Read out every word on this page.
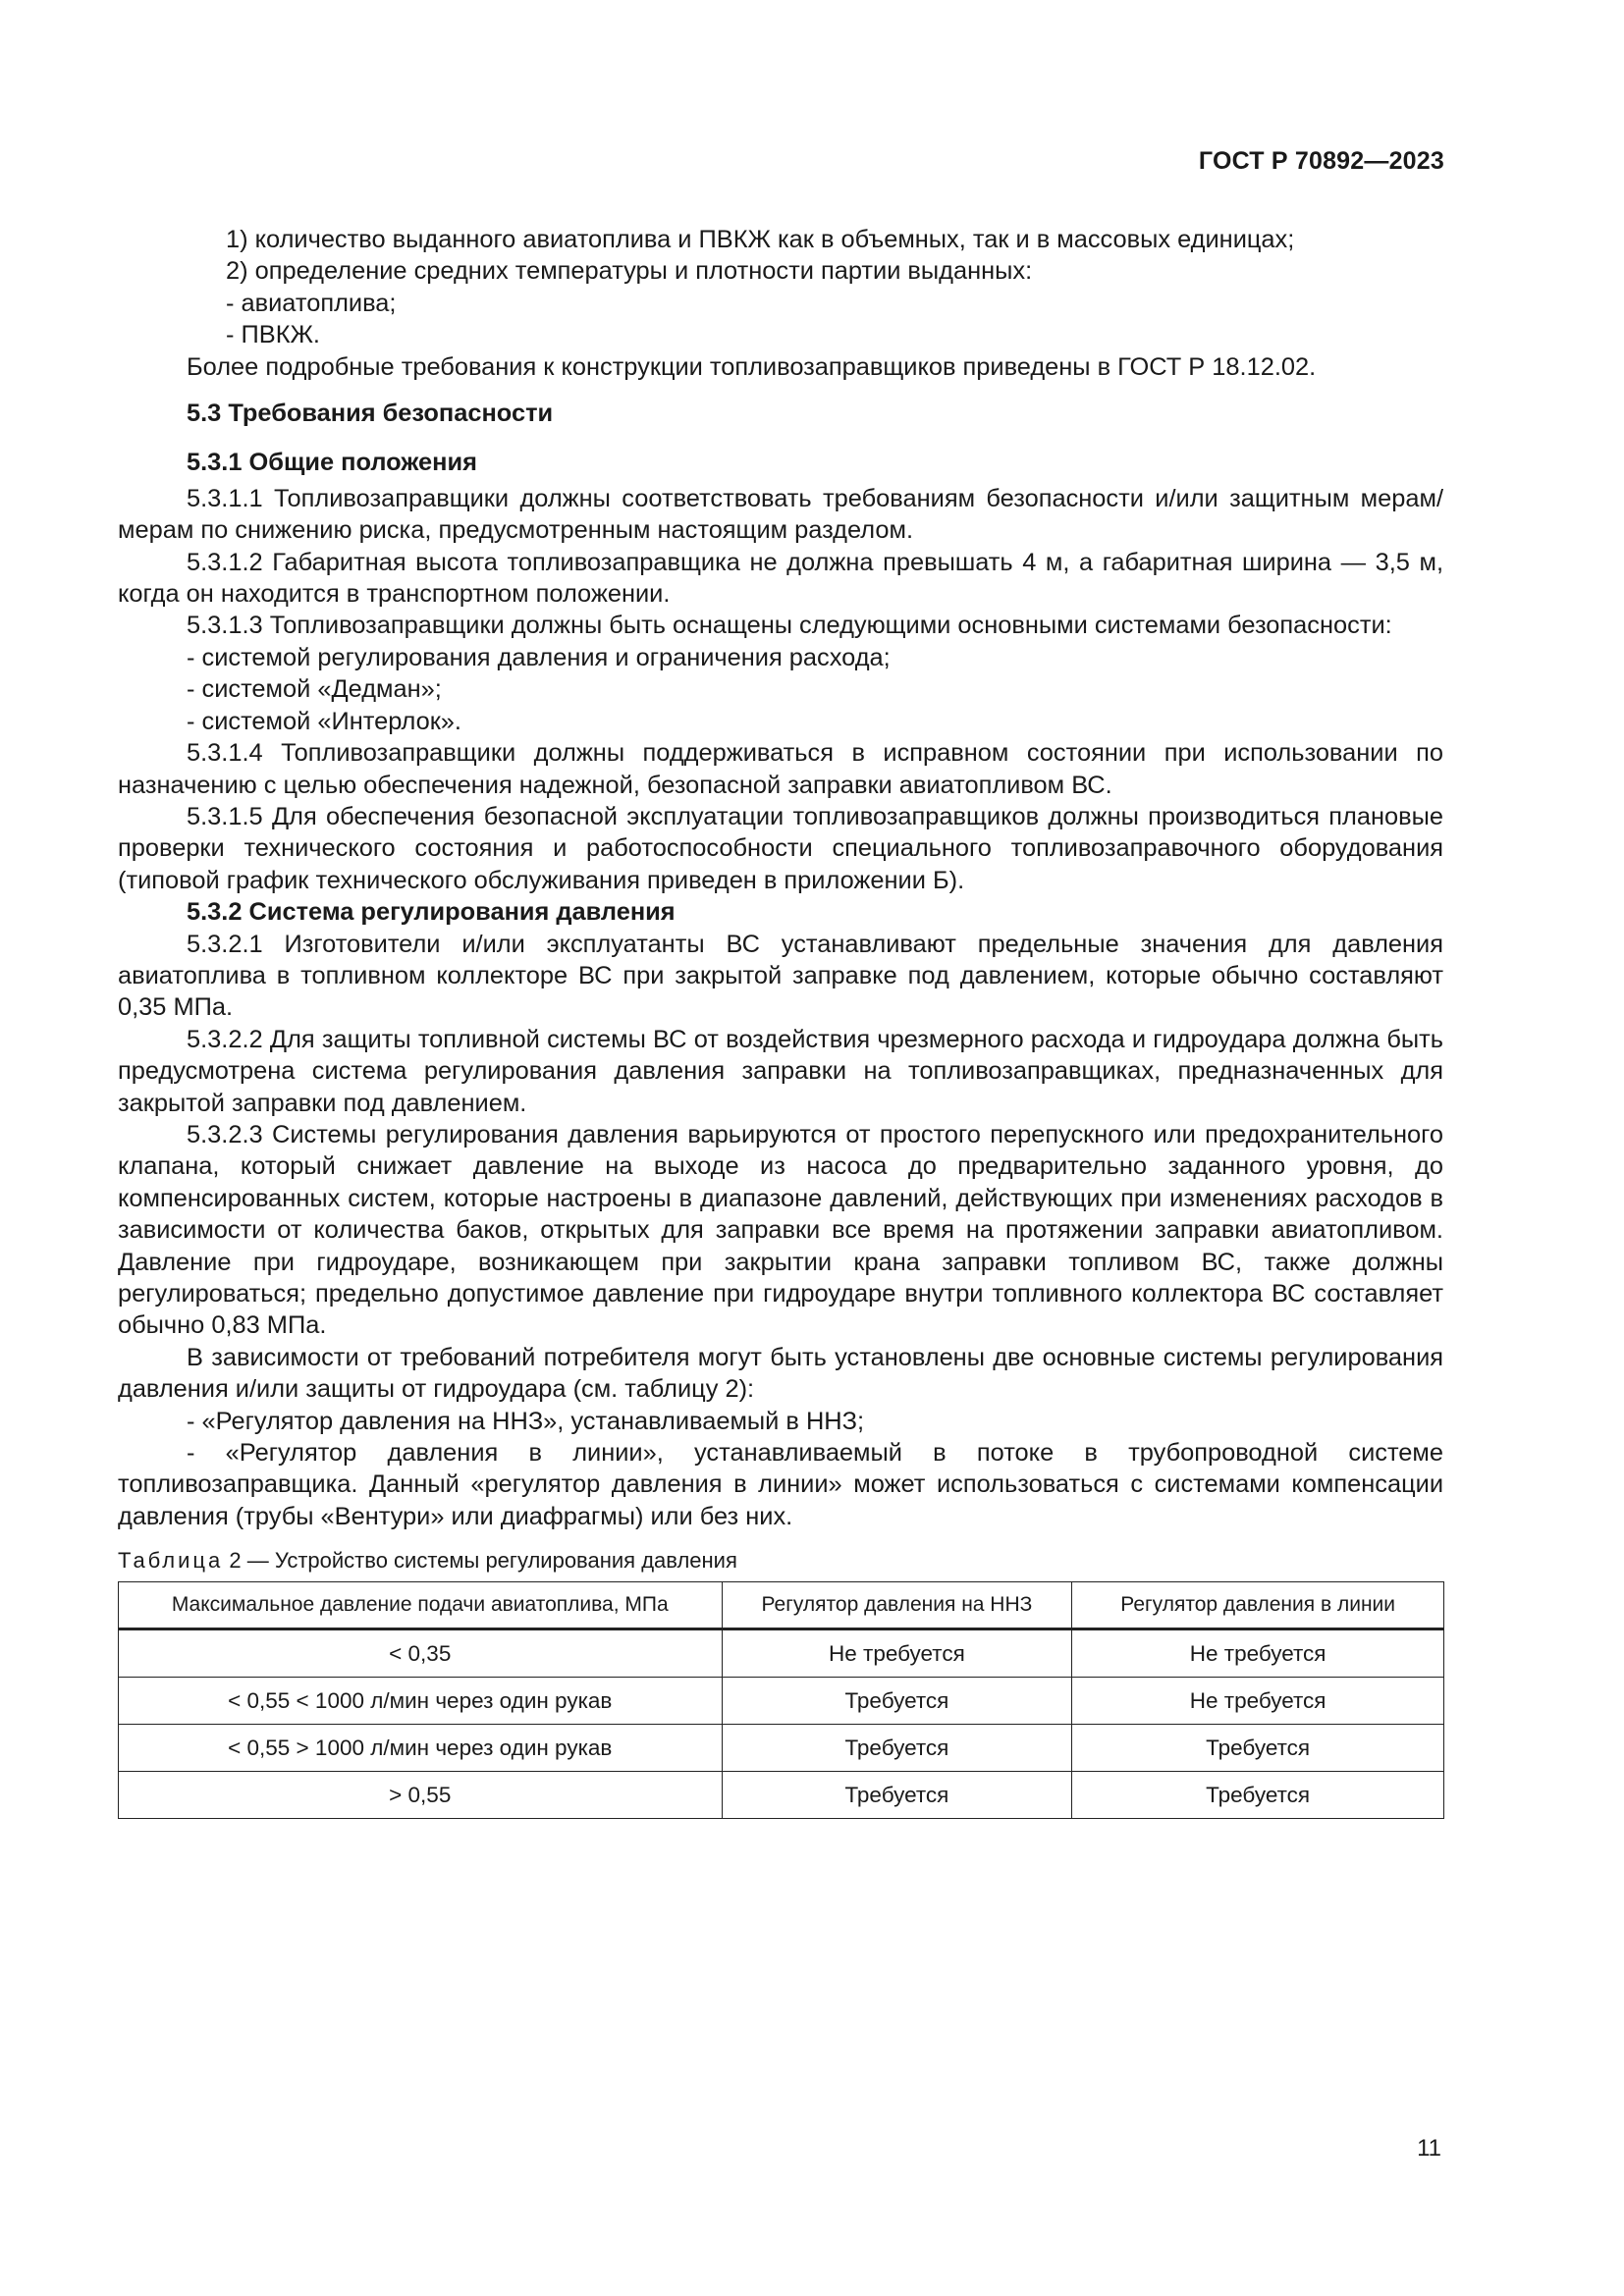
ГОСТ Р 70892—2023

1) количество выданного авиатоплива и ПВКЖ как в объемных, так и в массовых единицах;

2) определение средних температуры и плотности партии выданных:

- авиатоплива;

- ПВКЖ.

Более подробные требования к конструкции топливозаправщиков приведены в ГОСТ Р 18.12.02.

5.3 Требования безопасности

5.3.1 Общие положения

5.3.1.1 Топливозаправщики должны соответствовать требованиям безопасности и/или защитным мерам/мерам по снижению риска, предусмотренным настоящим разделом.

5.3.1.2 Габаритная высота топливозаправщика не должна превышать 4 м, а габаритная ширина — 3,5 м, когда он находится в транспортном положении.

5.3.1.3 Топливозаправщики должны быть оснащены следующими основными системами безопасности:

- системой регулирования давления и ограничения расхода;

- системой «Дедман»;

- системой «Интерлок».

5.3.1.4 Топливозаправщики должны поддерживаться в исправном состоянии при использовании по назначению с целью обеспечения надежной, безопасной заправки авиатопливом ВС.

5.3.1.5 Для обеспечения безопасной эксплуатации топливозаправщиков должны производиться плановые проверки технического состояния и работоспособности специального топливозаправочного оборудования (типовой график технического обслуживания приведен в приложении Б).

5.3.2 Система регулирования давления

5.3.2.1 Изготовители и/или эксплуатанты ВС устанавливают предельные значения для давления авиатоплива в топливном коллекторе ВС при закрытой заправке под давлением, которые обычно составляют 0,35 МПа.

5.3.2.2 Для защиты топливной системы ВС от воздействия чрезмерного расхода и гидроудара должна быть предусмотрена система регулирования давления заправки на топливозаправщиках, предназначенных для закрытой заправки под давлением.

5.3.2.3 Системы регулирования давления варьируются от простого перепускного или предохранительного клапана, который снижает давление на выходе из насоса до предварительно заданного уровня, до компенсированных систем, которые настроены в диапазоне давлений, действующих при изменениях расходов в зависимости от количества баков, открытых для заправки все время на протяжении заправки авиатопливом. Давление при гидроударе, возникающем при закрытии крана заправки топливом ВС, также должны регулироваться; предельно допустимое давление при гидроударе внутри топливного коллектора ВС составляет обычно 0,83 МПа.

В зависимости от требований потребителя могут быть установлены две основные системы регулирования давления и/или защиты от гидроудара (см. таблицу 2):

- «Регулятор давления на ННЗ», устанавливаемый в ННЗ;

- «Регулятор давления в линии», устанавливаемый в потоке в трубопроводной системе топливозаправщика. Данный «регулятор давления в линии» может использоваться с системами компенсации давления (трубы «Вентури» или диафрагмы) или без них.

Таблица 2 — Устройство системы регулирования давления

Максимальное давление подачи авиатоплива, МПа	Регулятор давления на ННЗ	Регулятор давления в линии
< 0,35	Не требуется	Не требуется
< 0,55 < 1000 л/мин через один рукав	Требуется	Не требуется
< 0,55 > 1000 л/мин через один рукав	Требуется	Требуется
> 0,55	Требуется	Требуется
11
